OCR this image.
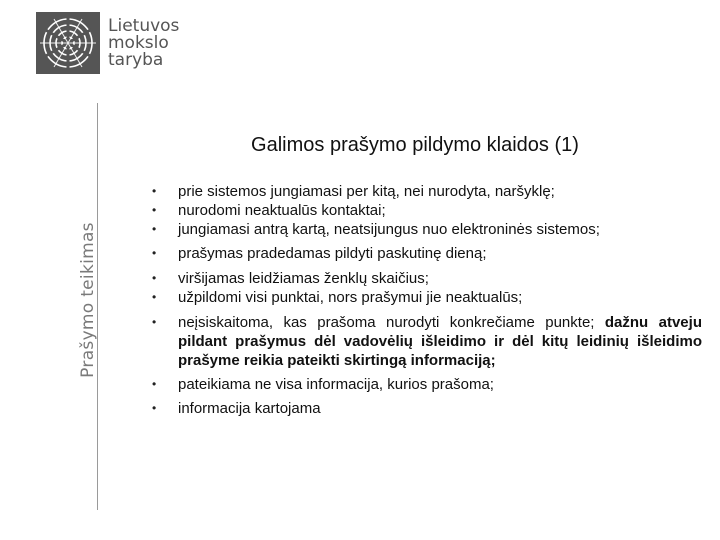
Lietuvos
mokslo
taryba
Prašymo teikimas
Galimos prašymo pildymo klaidos (1)
• prie sistemos jungiamasi per kitą, nei nurodyta, naršyklę;
• nurodomi neaktualūs kontaktai;
• jungiamasi antrą kartą, neatsijungus nuo elektroninės sistemos;
• prašymas pradedamas pildyti paskutinę dieną;
• viršijamas leidžiamas ženklų skaičius;
• užpildomi visi punktai, nors prašymui jie neaktualūs;
• neįsiskaitoma, kas prašoma nurodyti konkrečiame punkte; dažnu atveju pildant prašymus dėl vadovėlių išleidimo ir dėl kitų leidinių išleidimo prašyme reikia pateikti skirtingą informaciją;
• pateikiama ne visa informacija, kurios prašoma;
• informacija kartojama
